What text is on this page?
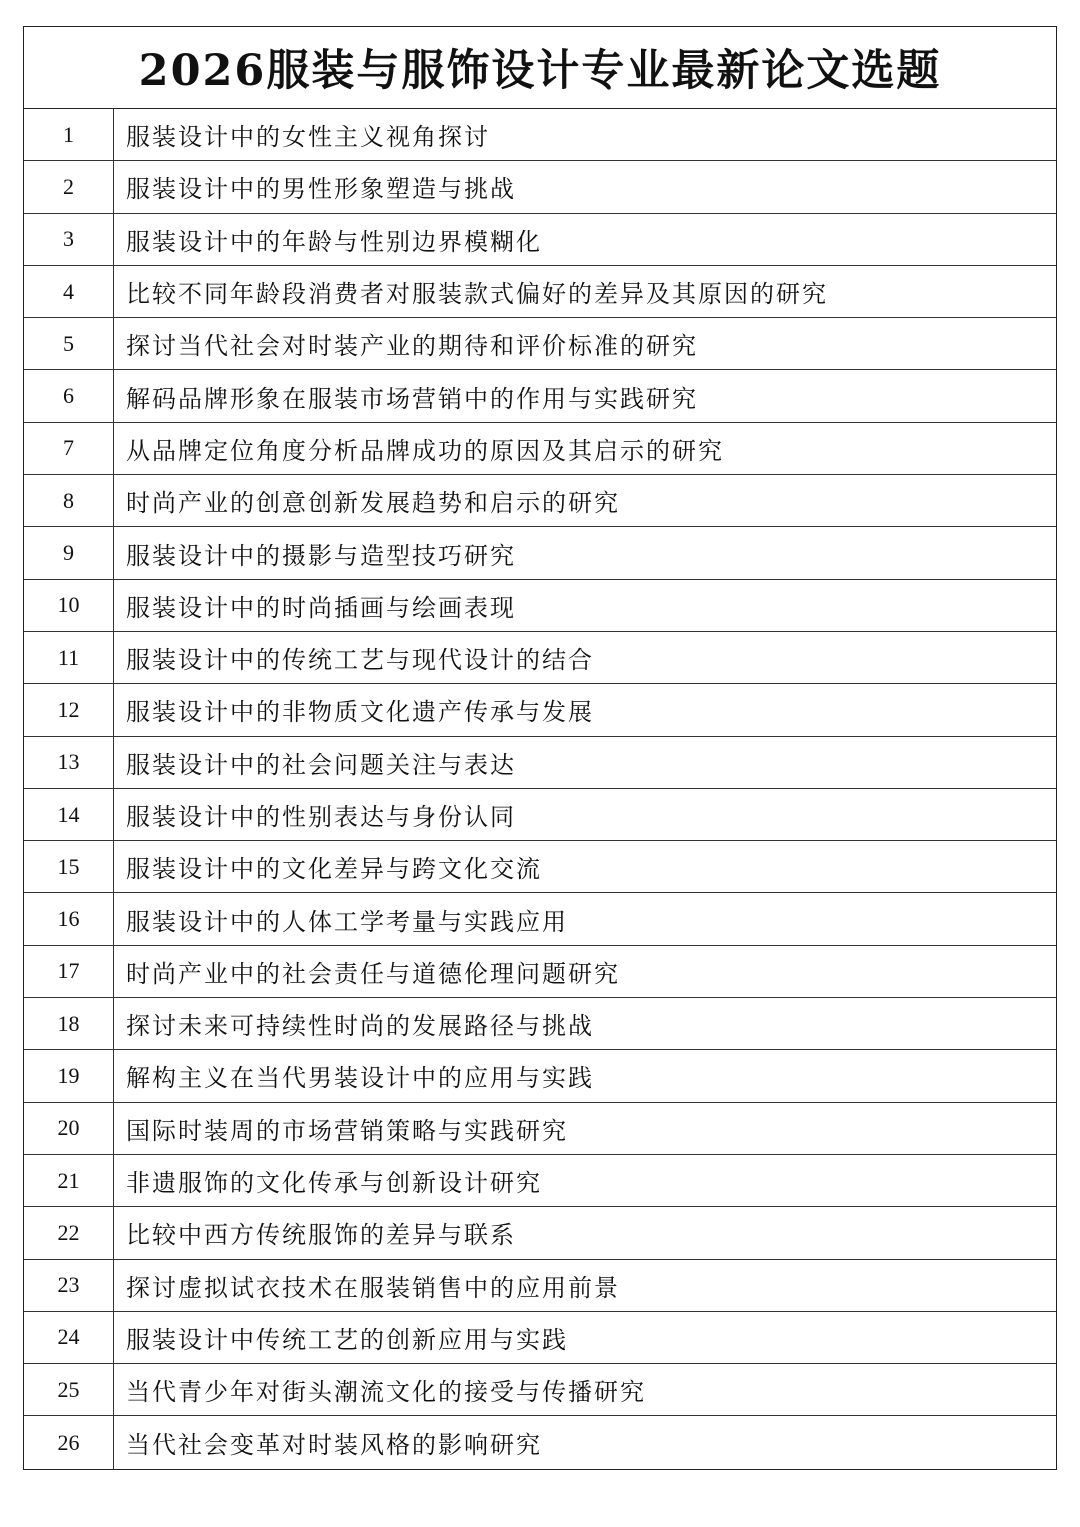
2026服装与服饰设计专业最新论文选题
1	服装设计中的女性主义视角探讨
2	服装设计中的男性形象塑造与挑战
3	服装设计中的年龄与性别边界模糊化
4	比较不同年龄段消费者对服装款式偏好的差异及其原因的研究
5	探讨当代社会对时装产业的期待和评价标准的研究
6	解码品牌形象在服装市场营销中的作用与实践研究
7	从品牌定位角度分析品牌成功的原因及其启示的研究
8	时尚产业的创意创新发展趋势和启示的研究
9	服装设计中的摄影与造型技巧研究
10	服装设计中的时尚插画与绘画表现
11	服装设计中的传统工艺与现代设计的结合
12	服装设计中的非物质文化遗产传承与发展
13	服装设计中的社会问题关注与表达
14	服装设计中的性别表达与身份认同
15	服装设计中的文化差异与跨文化交流
16	服装设计中的人体工学考量与实践应用
17	时尚产业中的社会责任与道德伦理问题研究
18	探讨未来可持续性时尚的发展路径与挑战
19	解构主义在当代男装设计中的应用与实践
20	国际时装周的市场营销策略与实践研究
21	非遗服饰的文化传承与创新设计研究
22	比较中西方传统服饰的差异与联系
23	探讨虚拟试衣技术在服装销售中的应用前景
24	服装设计中传统工艺的创新应用与实践
25	当代青少年对街头潮流文化的接受与传播研究
26	当代社会变革对时装风格的影响研究
